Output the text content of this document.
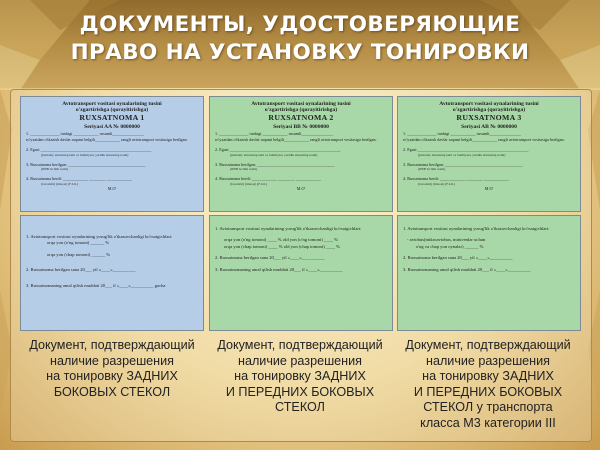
ДОКУМЕНТЫ, УДОСТОВЕРЯЮЩИЕ
ПРАВО НА УСТАНОВКУ ТОНИРОВКИ
Avtotransport vositasi oynalarining tusini
o'zgartirishga (qorayitirishga)
RUXSATNOMA 1
Seriyasi AA № 0000000
1. ______________ turdagi ____________ rusumli_______________
ro'yxatdan o'tkazish davlat raqami belgili____________ rangli avtotransport vositasiga berilgan.
2. Egasi _____________________________________________________
(jismoniy shaxsning ismi va familiyasi, yuridik shaxsning nomi)
3. Ruxsatnoma berilgan: _____________________________________
(IIBB bo'limi nomi)
4. Ruxsatnoma berdi: ____________ ________ ____________
(lavozimi) (imzosi) (F.I.O.)
M.O'
1. Avtotransport vositasi oynalarining yorug'lik o'tkazuvchanligi ko'rsatgichlari:
orqa yon (o'ng tomoni) ______ %
orqa yon (chap tomoni) ______ %
2. Ruxsatnoma berilgan sana 20___ yil «____»__________
3. Ruxsatnomaning amal qilish muddati 20___ il «____»__________ gacha
Avtotransport vositasi oynalarining tusini
o'zgartirishga (qorayitirishga)
RUXSATNOMA 2
Seriyasi BB № 0000000
1. ______________ turdagi ____________ rusumli_______________
ro'yxatdan o'tkazish davlat raqami belgili____________ rangli avtotransport vositasiga berilgan.
2. Egasi _____________________________________________________
(jismoniy shaxsning ismi va familiyasi, yuridik shaxsning nomi)
3. Ruxsatnoma berilgan: _____________________________________
(IIBB bo'limi nomi)
4. Ruxsatnoma berdi: ____________ ________ ____________
(lavozimi) (imzosi) (F.I.O.)
M.O'
1. Avtotransport vositasi oynalarining yorug'lik o'tkazuvchanligi ko'rsatgichlari:
orqa yon (o'ng tomoni) ____ % old yon (o'ng tomoni) ____ %
orqa yon (chap tomoni) ____ % old yon (chap tomoni) ____ %
2. Ruxsatnoma berilgan sana 20___ yil «____»__________
3. Ruxsatnomaning amal qilish muddati 20___ il «____»__________
Avtotransport vositasi oynalarining tusini
o'zgartirishga (qorayitirishga)
RUXSATNOMA 3
Seriyasi AB № 0000000
1. ______________ turdagi ____________ rusumli_______________
ro'yxatdan o'tkazish davlat raqami belgili____________ rangli avtotransport vositasiga berilgan.
2. Egasi _____________________________________________________
(jismoniy shaxsning ismi va familiyasi, yuridik shaxsning nomi)
3. Ruxsatnoma berilgan: _____________________________________
(IIBB bo'limi nomi)
4. Ruxsatnoma berdi: ____________ ________ ____________
(lavozimi) (imzosi) (F.I.O.)
M.O'
1. Avtotransport vositasi oynalarining yorug'lik o'tkazuvchanligi ko'rsatgichlari:
- avtobus(mikroavtobus, minivenlar uchun
o'ng va chap yon oynalar) ______ %
2. Ruxsatnoma berilgan sana 20___ yil «____»__________
3. Ruxsatnomaning amal qilish muddati 20___ il «____»__________
Документ, подтверждающий
наличие разрешения
на тонировку ЗАДНИХ
БОКОВЫХ СТЕКОЛ
Документ, подтверждающий
наличие разрешения
на тонировку ЗАДНИХ
И ПЕРЕДНИХ БОКОВЫХ
СТЕКОЛ
Документ, подтверждающий
наличие разрешения
на тонировку ЗАДНИХ
И ПЕРЕДНИХ БОКОВЫХ
СТЕКОЛ у транспорта
класса М3 категории III
